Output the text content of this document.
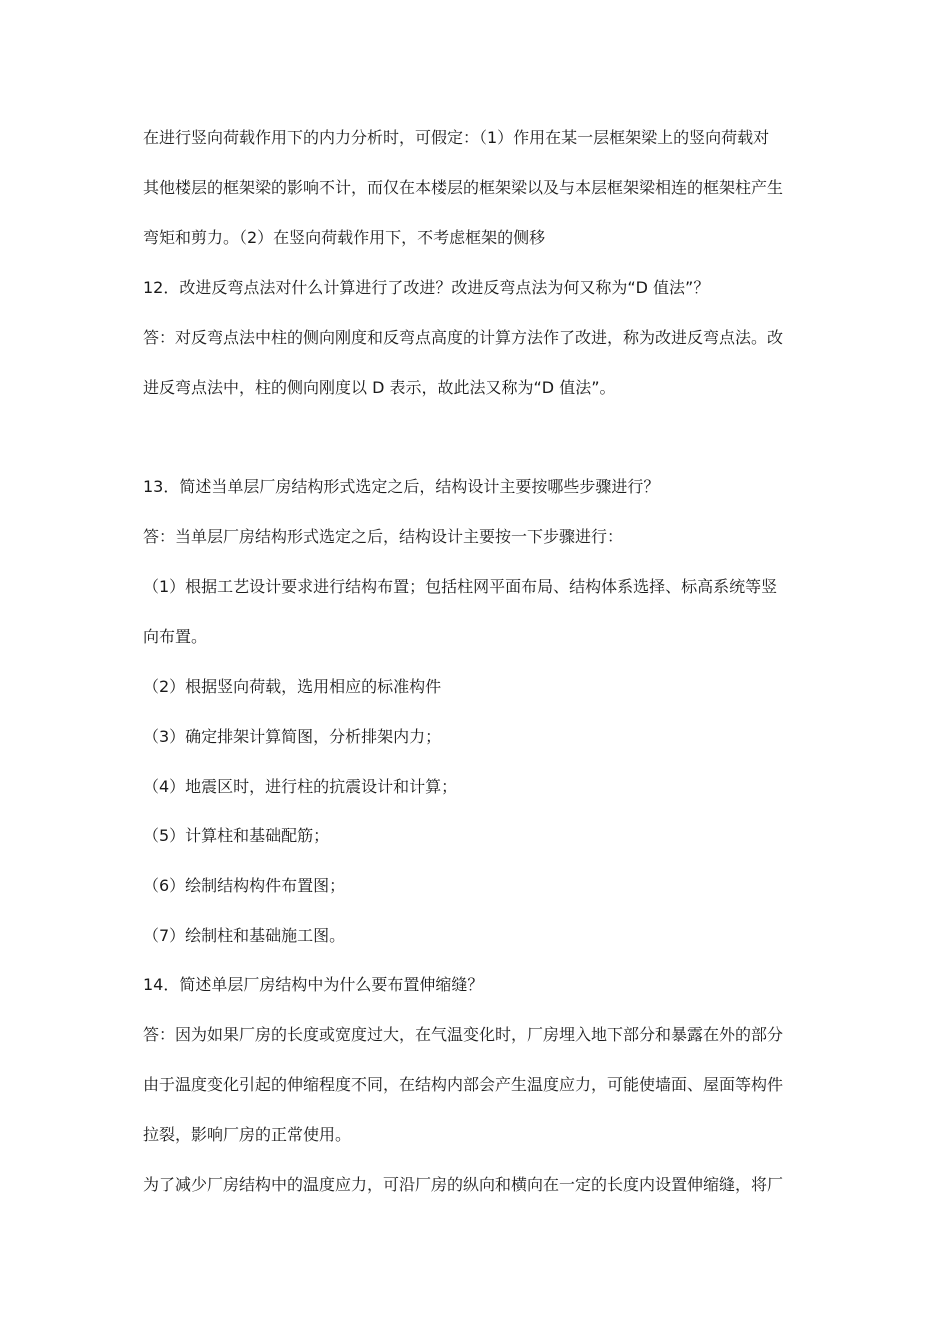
在进行竖向荷载作用下的内力分析时，可假定：（1）作用在某一层框架梁上的竖向荷载对
其他楼层的框架梁的影响不计，而仅在本楼层的框架梁以及与本层框架梁相连的框架柱产生
弯矩和剪力。（2）在竖向荷载作用下，不考虑框架的侧移
12．改进反弯点法对什么计算进行了改进？改进反弯点法为何又称为“D 值法”？
答：对反弯点法中柱的侧向刚度和反弯点高度的计算方法作了改进，称为改进反弯点法。改
进反弯点法中，柱的侧向刚度以 D 表示，故此法又称为“D 值法”。
13．简述当单层厂房结构形式选定之后，结构设计主要按哪些步骤进行？
答：当单层厂房结构形式选定之后，结构设计主要按一下步骤进行：
（1）根据工艺设计要求进行结构布置；包括柱网平面布局、结构体系选择、标高系统等竖
向布置。
（2）根据竖向荷载，选用相应的标准构件
（3）确定排架计算简图，分析排架内力；
（4）地震区时，进行柱的抗震设计和计算；
（5）计算柱和基础配筋；
（6）绘制结构构件布置图；
（7）绘制柱和基础施工图。
14．简述单层厂房结构中为什么要布置伸缩缝？
答：因为如果厂房的长度或宽度过大，在气温变化时，厂房埋入地下部分和暴露在外的部分
由于温度变化引起的伸缩程度不同，在结构内部会产生温度应力，可能使墙面、屋面等构件
拉裂，影响厂房的正常使用。
为了减少厂房结构中的温度应力，可沿厂房的纵向和横向在一定的长度内设置伸缩缝，将厂
